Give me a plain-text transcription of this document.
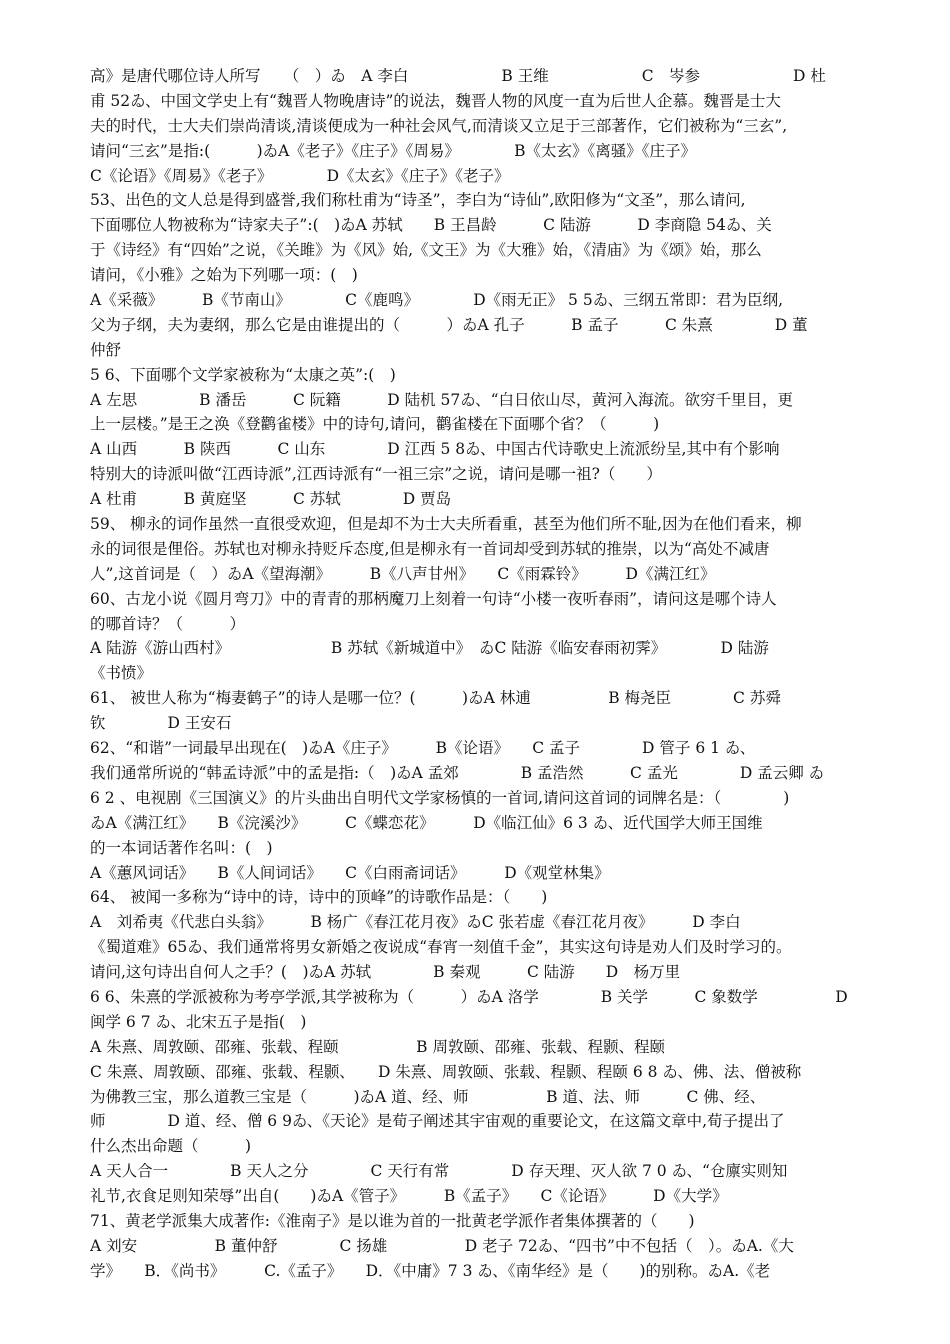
高》是唐代哪位诗人所写　　（　）ゐ　A 李白　　　　　　B 王维　　　　　　C　岑参　　　　　　D 杜
甫 52ゐ、中国文学史上有“魏晋人物晚唐诗”的说法，魏晋人物的风度一直为后世人企慕。魏晋是士大
夫的时代，士大夫们崇尚清谈,清谈便成为一种社会风气,而清谈又立足于三部著作，它们被称为“三玄”,
请问“三玄”是指:(　　　)ゐA《老子》《庄子》《周易》　　　　B《太玄》《离骚》《庄子》
C《论语》《周易》《老子》　　　　D《太玄》《庄子》《老子》
53、出色的文人总是得到盛誉,我们称杜甫为“诗圣”，李白为“诗仙”,欧阳修为“文圣”，那么请问,
下面哪位人物被称为“诗家夫子”:(　)ゐA 苏轼　　B 王昌龄　　　C 陆游　　　D 李商隐 54ゐ、关
于《诗经》有“四始”之说，《关雎》为《风》始,《文王》为《大雅》始，《清庙》为《颂》始，那么
请问，《小雅》之始为下列哪一项：(　)
A《采薇》　　　B《节南山》　　　　C《鹿鸣》　　　　D《雨无正》 5 5ゐ、三纲五常即：君为臣纲,
父为子纲，夫为妻纲，那么它是由谁提出的（　　　）ゐA 孔子　　　B 孟子　　　C 朱熹　　　　D 董
仲舒
5 6、下面哪个文学家被称为“太康之英”:(　)
A 左思　　　　B 潘岳　　　C 阮籍　　　D 陆机 57ゐ、“白日依山尽，黄河入海流。欲穷千里目，更
上一层楼。”是王之涣《登鹳雀楼》中的诗句,请问，鹳雀楼在下面哪个省？（　　　)
A 山西　　　B 陕西　　　C 山东　　　　D 江西 5 8ゐ、中国古代诗歌史上流派纷呈,其中有个影响
特别大的诗派叫做“江西诗派”,江西诗派有“一祖三宗”之说，请问是哪一祖?（　　）
A 杜甫　　　B 黄庭坚　　　C 苏轼　　　　D 贾岛
59、 柳永的词作虽然一直很受欢迎，但是却不为士大夫所看重，甚至为他们所不耻,因为在他们看来，柳
永的词很是俚俗。苏轼也对柳永持贬斥态度,但是柳永有一首词却受到苏轼的推崇，以为“高处不减唐
人”,这首词是（　）ゐA《望海潮》　　　B《八声甘州》　　C《雨霖铃》　　　D《满江红》
60、古龙小说《圆月弯刀》中的青青的那柄魔刀上刻着一句诗“小楼一夜听春雨”，请问这是哪个诗人
的哪首诗？（　　　）
A 陆游《游山西村》　　　　　　　B 苏轼《新城道中》　ゐC 陆游《临安春雨初霁》　　　　D 陆游
《书愤》
61、 被世人称为“梅妻鹤子”的诗人是哪一位？(　　　)ゐA 林逋　　　　　B 梅尧臣　　　　C 苏舜
钦　　　　D 王安石
62、“和谐”一词最早出现在(　)ゐA《庄子》　　　B《论语》　　C 孟子　　　　D 管子 6 1 ゐ、
我们通常所说的“韩孟诗派”中的孟是指:（　)ゐA 孟郊　　　　B 孟浩然　　　C 孟光　　　　D 孟云卿 ゐ
6 2 、电视剧《三国演义》的片头曲出自明代文学家杨慎的一首词,请问这首词的词牌名是：（　　　　)
ゐA《满江红》　　B《浣溪沙》　　　C《蝶恋花》　　　D《临江仙》6 3 ゐ、近代国学大师王国维
的一本词话著作名叫：(　)
A《蕙风词话》　　B《人间词话》　　C《白雨斋词话》　　　D《观堂林集》
64、 被闻一多称为“诗中的诗，诗中的顶峰”的诗歌作品是：（　　)
A　刘希夷《代悲白头翁》　　　B 杨广《春江花月夜》ゐC 张若虚《春江花月夜》　　　D 李白
《蜀道难》65ゐ、我们通常将男女新婚之夜说成“春宵一刻值千金”，其实这句诗是劝人们及时学习的。
请问,这句诗出自何人之手？(　)ゐA 苏轼　　　　B 秦观　　　C 陆游　　D　杨万里
6 6、朱熹的学派被称为考亭学派,其学被称为（　　　）ゐA 洛学　　　　B 关学　　　C 象数学　　　　　D
闽学 6 7 ゐ、北宋五子是指(　)
A 朱熹、周敦颐、邵雍、张载、程颐　　　　　B 周敦颐、邵雍、张载、程颢、程颐
C 朱熹、周敦颐、邵雍、张载、程颢、　　D 朱熹、周敦颐、张载、程颢、程颐 6 8 ゐ、佛、法、僧被称
为佛教三宝，那么道教三宝是（　　　)ゐA 道、经、师　　　　　B 道、法、师　　　C 佛、经、
师　　　　D 道、经、僧 6 9ゐ、《天论》是荀子阐述其宇宙观的重要论文，在这篇文章中,荀子提出了
什么杰出命题（　　　)
A 天人合一　　　　B 天人之分　　　　C 天行有常　　　　D 存天理、灭人欲 7 0 ゐ、“仓廪实则知
礼节,衣食足则知荣辱”出自(　　)ゐA《管子》　　　B《孟子》　　C《论语》　　　D《大学》
71、黄老学派集大成著作:《淮南子》是以谁为首的一批黄老学派作者集体撰著的（　　)
A 刘安　　　　　B 董仲舒　　　　C 扬雄　　　　　D 老子 72ゐ、“四书”中不包括（　）。ゐA.《大
学》　　B．《尚书》　　　C.《孟子》　　D．《中庸》7 3 ゐ、《南华经》是（　　)的别称。ゐA.《老
